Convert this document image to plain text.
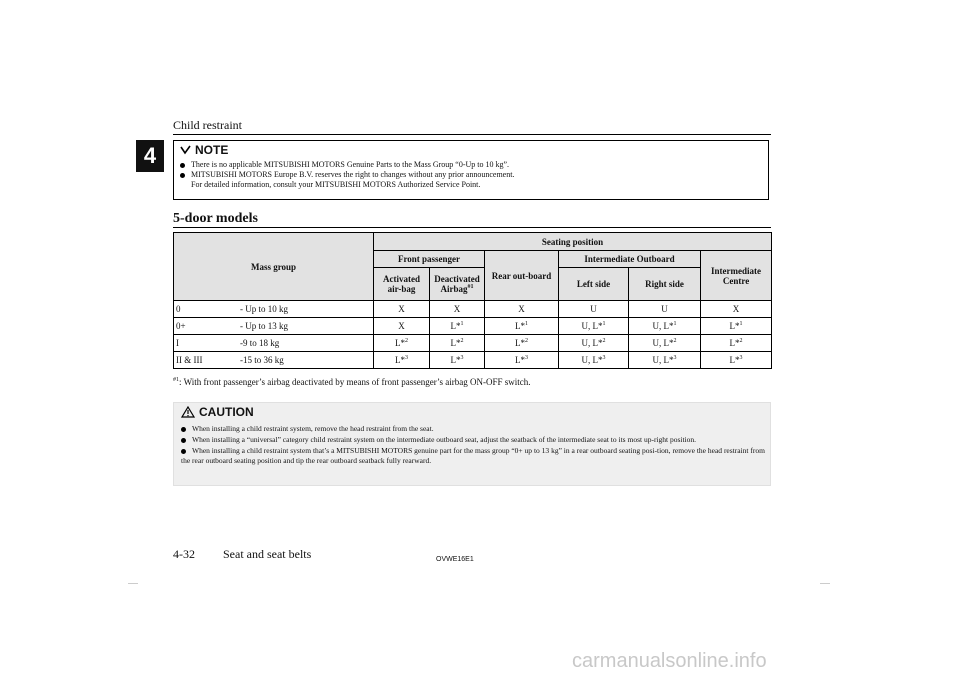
Child restraint
4	NOTE
There is no applicable MITSUBISHI MOTORS Genuine Parts to the Mass Group “0-Up to 10 kg”.
MITSUBISHI MOTORS Europe B.V. reserves the right to changes without any prior announcement.
For detailed information, consult your MITSUBISHI MOTORS Authorized Service Point.
5-door models
Mass group	Seating position					
	Front passenger		Rear out-board	Intermediate Outboard		Intermediate Centre
	Activated air-bag	Deactivated Airbag$^{\#1}$		Left side	Right side	
0 - Up to 10 kg	X	X	X	U	U	X
0+ - Up to 13 kg	X	L*$^1$	L*$^1$	U, L*$^1$	U, L*$^1$	L*$^1$
I -9 to 18 kg	L*$^2$	L*$^2$	L*$^2$	U, L*$^2$	U, L*$^2$	L*$^2$
II & III -15 to 36 kg	L*$^3$	L*$^3$	L*$^3$	U, L*$^3$	U, L*$^3$	L*$^3$
$^{\#1}$: With front passenger’s airbag deactivated by means of front passenger’s airbag ON-OFF switch.
CAUTION

When installing a child restraint system, remove the head restraint from the seat.

When installing a “universal” category child restraint system on the intermediate outboard seat, adjust the seatback of the intermediate seat to its most up-right position.

When installing a child restraint system that’s a MITSUBISHI MOTORS genuine part for the mass group “0+ up to 13 kg” in a rear outboard seating posi-tion, remove the head restraint from the rear outboard seating position and tip the rear outboard seatback fully rearward.

4-32 Seat and seat belts	OVWE16E1
carmanualsonline.info
